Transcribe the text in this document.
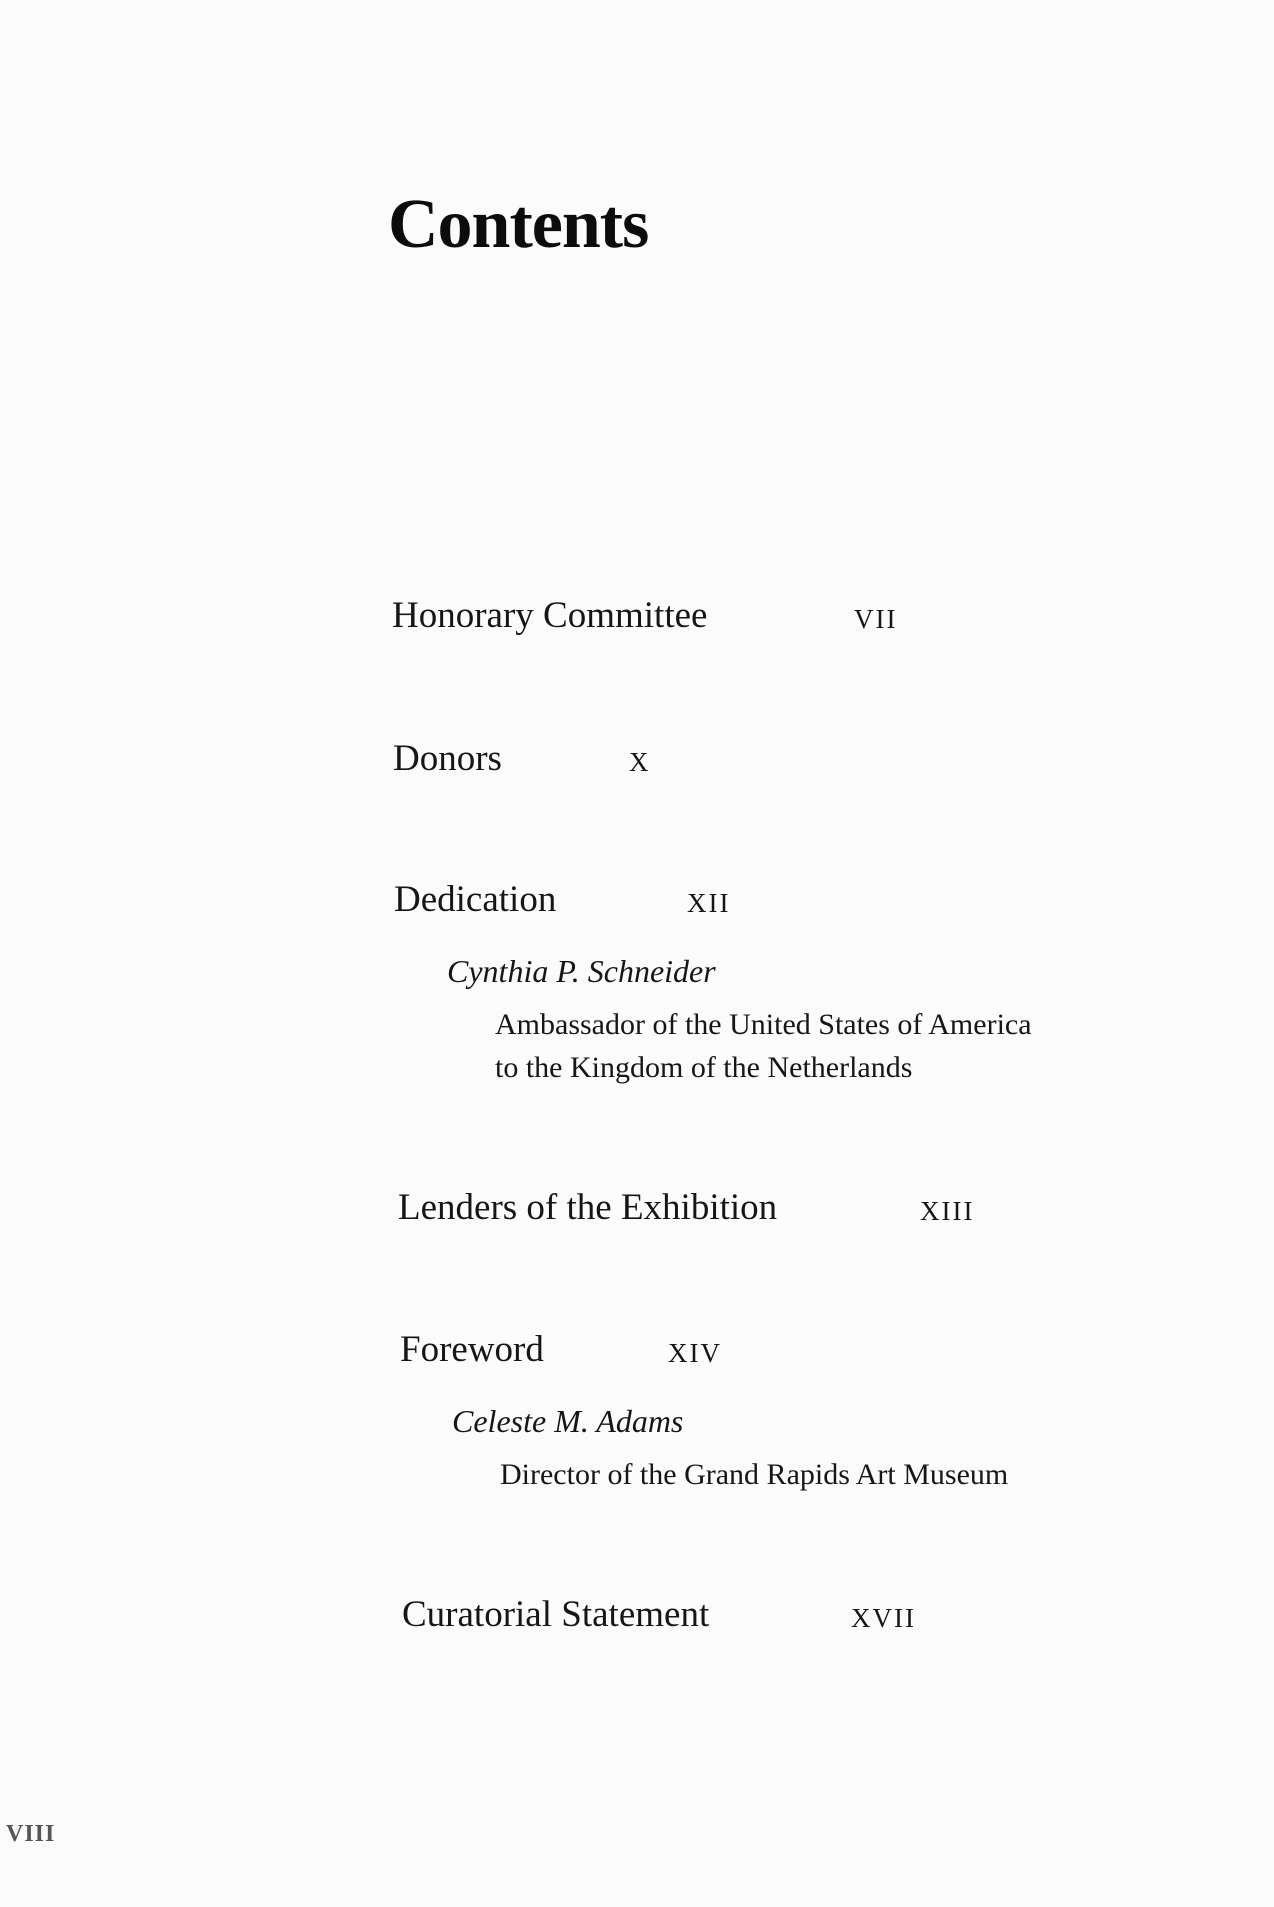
Contents
Honorary Committee	VII
Donors	X
Dedication	XII
Cynthia P. Schneider
Ambassador of the United States of America
to the Kingdom of the Netherlands
Lenders of the Exhibition	XIII
Foreword	XIV
Celeste M. Adams
Director of the Grand Rapids Art Museum
Curatorial Statement	XVII
VIII
